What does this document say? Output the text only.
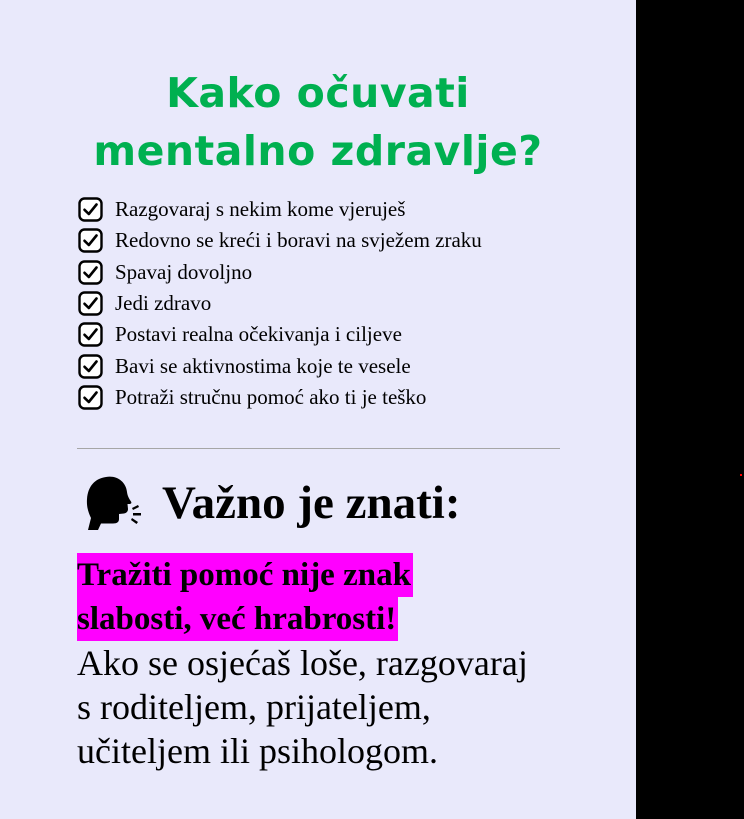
Kako očuvati
mentalno zdravlje?
Razgovaraj s nekim kome vjeruješ
Redovno se kreći i boravi na svježem zraku
Spavaj dovoljno
Jedi zdravo
Postavi realna očekivanja i ciljeve
Bavi se aktivnostima koje te vesele
Potraži stručnu pomoć ako ti je teško
Važno je znati:
Tražiti pomoć nije znak
slabosti, već hrabrosti!
Ako se osjećaš loše, razgovaraj
s roditeljem, prijateljem,
učiteljem ili psihologom.
